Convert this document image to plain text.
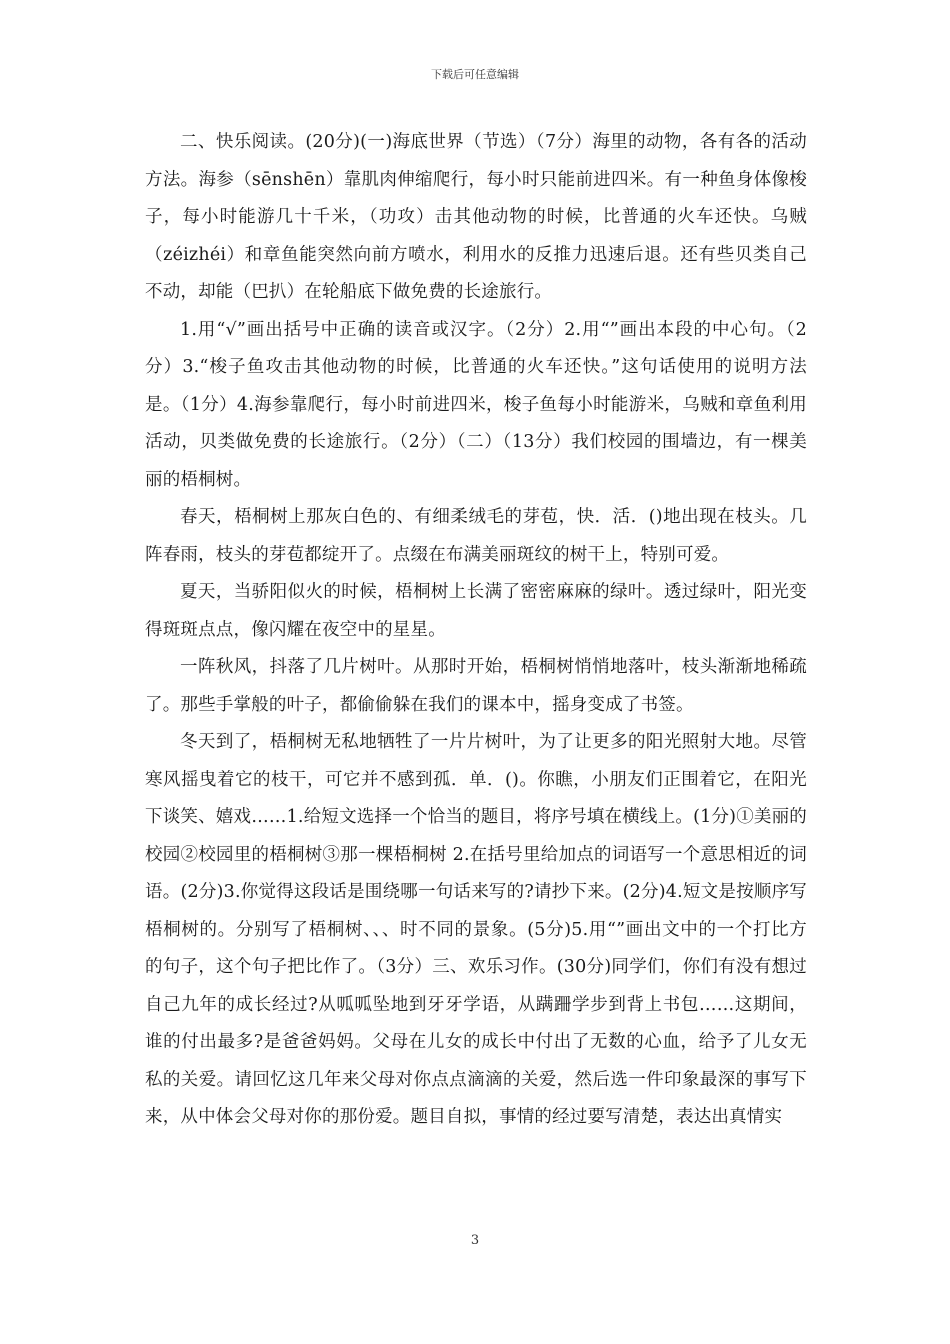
下载后可任意编辑

二、快乐阅读。(20分)(一)海底世界（节选）（7分）海里的动物，各有各的活动方法。海参（sēnshēn）靠肌肉伸缩爬行，每小时只能前进四米。有一种鱼身体像梭子，每小时能游几十千米，（功攻）击其他动物的时候，比普通的火车还快。乌贼（zéizhéi）和章鱼能突然向前方喷水，利用水的反推力迅速后退。还有些贝类自己不动，却能（巴扒）在轮船底下做免费的长途旅行。

1.用“√”画出括号中正确的读音或汉字。（2分）2.用“”画出本段的中心句。（2分）3.“梭子鱼攻击其他动物的时候，比普通的火车还快。”这句话使用的说明方法是。（1分）4.海参靠爬行，每小时前进四米，梭子鱼每小时能游米，乌贼和章鱼利用活动，贝类做免费的长途旅行。（2分）（二）（13分）我们校园的围墙边，有一棵美丽的梧桐树。

春天，梧桐树上那灰白色的、有细柔绒毛的芽苞，快．活．()地出现在枝头。几阵春雨，枝头的芽苞都绽开了。点缀在布满美丽斑纹的树干上，特别可爱。

夏天，当骄阳似火的时候，梧桐树上长满了密密麻麻的绿叶。透过绿叶，阳光变得斑斑点点，像闪耀在夜空中的星星。

一阵秋风，抖落了几片树叶。从那时开始，梧桐树悄悄地落叶，枝头渐渐地稀疏了。那些手掌般的叶子，都偷偷躲在我们的课本中，摇身变成了书签。

冬天到了，梧桐树无私地牺牲了一片片树叶，为了让更多的阳光照射大地。尽管寒风摇曳着它的枝干，可它并不感到孤．单．()。你瞧，小朋友们正围着它，在阳光下谈笑、嬉戏……1.给短文选择一个恰当的题目，将序号填在横线上。(1分)①美丽的校园②校园里的梧桐树③那一棵梧桐树 2.在括号里给加点的词语写一个意思相近的词语。(2分)3.你觉得这段话是围绕哪一句话来写的?请抄下来。(2分)4.短文是按顺序写梧桐树的。分别写了梧桐树、、、时不同的景象。(5分)5.用“”画出文中的一个打比方的句子，这个句子把比作了。（3分）三、欢乐习作。(30分)同学们，你们有没有想过自己九年的成长经过?从呱呱坠地到牙牙学语，从蹒跚学步到背上书包……这期间，谁的付出最多?是爸爸妈妈。父母在儿女的成长中付出了无数的心血，给予了儿女无私的关爱。请回忆这几年来父母对你点点滴滴的关爱，然后选一件印象最深的事写下来，从中体会父母对你的那份爱。题目自拟，事情的经过要写清楚，表达出真情实

3
